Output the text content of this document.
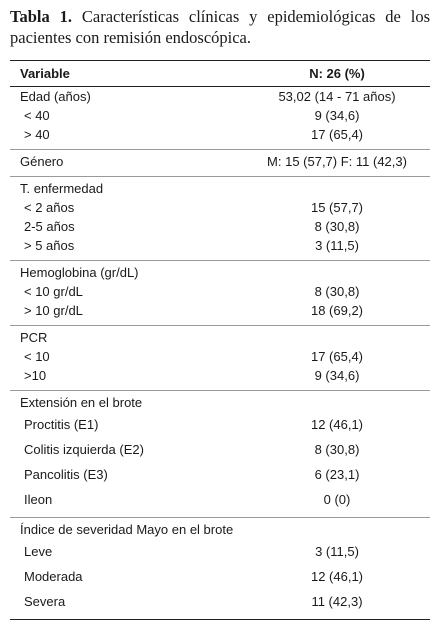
Tabla 1. Características clínicas y epidemiológicas de los pacientes con remisión endoscópica.
Variable	N: 26 (%)
Edad (años)	53,02 (14 - 71 años)
< 40	9 (34,6)
> 40	17 (65,4)
Género	M: 15 (57,7) F: 11 (42,3)
T. enfermedad
< 2 años	15 (57,7)
2-5 años	8 (30,8)
> 5 años	3 (11,5)
Hemoglobina (gr/dL)
< 10 gr/dL	8 (30,8)
> 10 gr/dL	18 (69,2)
PCR
< 10	17 (65,4)
>10	9 (34,6)
Extensión en el brote
Proctitis (E1)	12 (46,1)
Colitis izquierda (E2)	8 (30,8)
Pancolitis (E3)	6 (23,1)
Ileon	0 (0)
Índice de severidad Mayo en el brote
Leve	3 (11,5)
Moderada	12 (46,1)
Severa	11 (42,3)
